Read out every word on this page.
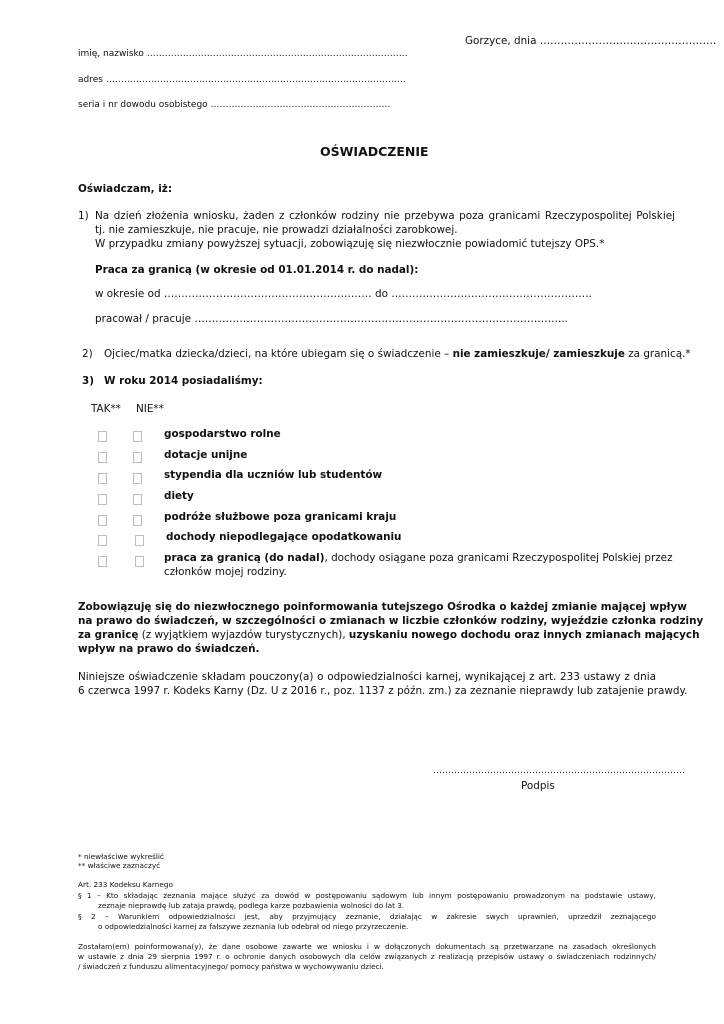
Gorzyce, dnia ……………………………………………
imię, nazwisko ……………………………………………………………………………
adres ……………………………………………………………………………………….
seria i nr dowodu osobistego ……………………………………………………
OŚWIADCZENIE
Oświadczam, iż:
1) Na dzień złożenia wniosku, żaden z członków rodziny nie przebywa poza granicami Rzeczypospolitej Polskiej
tj. nie zamieszkuje, nie pracuje, nie prowadzi działalności zarobkowej.
W przypadku zmiany powyższej sytuacji, zobowiązuję się niezwłocznie powiadomić tutejszy OPS.*
Praca za granicą (w okresie od 01.01.2014 r. do nadal):
w okresie od …………………………………………………… do ………………………………………………….
pracował / pracuje ……………………………………………………………………………………………...
2) Ojciec/matka dziecka/dzieci, na które ubiegam się o świadczenie – nie zamieszkuje/ zamieszkuje za granicą.*
3) W roku 2014 posiadaliśmy:
TAK** NIE**
gospodarstwo rolne
dotacje unijne
stypendia dla uczniów lub studentów
diety
podróże służbowe poza granicami kraju
dochody niepodlegające opodatkowaniu
praca za granicą (do nadal), dochody osiągane poza granicami Rzeczypospolitej Polskiej przez
członków mojej rodziny.
Zobowiązuję się do niezwłocznego poinformowania tutejszego Ośrodka o każdej zmianie mającej wpływ
na prawo do świadczeń, w szczególności o zmianach w liczbie członków rodziny, wyjeździe członka rodziny
za granicę (z wyjątkiem wyjazdów turystycznych), uzyskaniu nowego dochodu oraz innych zmianach mających
wpływ na prawo do świadczeń.
Niniejsze oświadczenie składam pouczony(a) o odpowiedzialności karnej, wynikającej z art. 233 ustawy z dnia
6 czerwca 1997 r. Kodeks Karny (Dz. U z 2016 r., poz. 1137 z późn. zm.) za zeznanie nieprawdy lub zatajenie prawdy.
…………………………………………………………………………
Podpis
* niewłaściwe wykreślić
** właściwe zaznaczyć
Art. 233 Kodeksu Karnego
§ 1 – Kto składając zeznania mające służyć za dowód w postępowaniu sądowym lub innym postępowaniu prowadzonym na podstawie ustawy,
zeznaje nieprawdę lub zataja prawdę, podlega karze pozbawienia wolności do lat 3.
§ 2 – Warunkiem odpowiedzialności jest, aby przyjmujący zeznanie, działając w zakresie swych uprawnień, uprzedził zeznającego
o odpowiedzialności karnej za fałszywe zeznania lub odebrał od niego przyrzeczenie.
Zostałam(em) poinformowana(y), że dane osobowe zawarte we wniosku i w dołączonych dokumentach są przetwarzane na zasadach określonych
w ustawie z dnia 29 sierpnia 1997 r. o ochronie danych osobowych dla celów związanych z realizacją przepisów ustawy o świadczeniach rodzinnych/
/ świadczeń z funduszu alimentacyjnego/ pomocy państwa w wychowywaniu dzieci.
